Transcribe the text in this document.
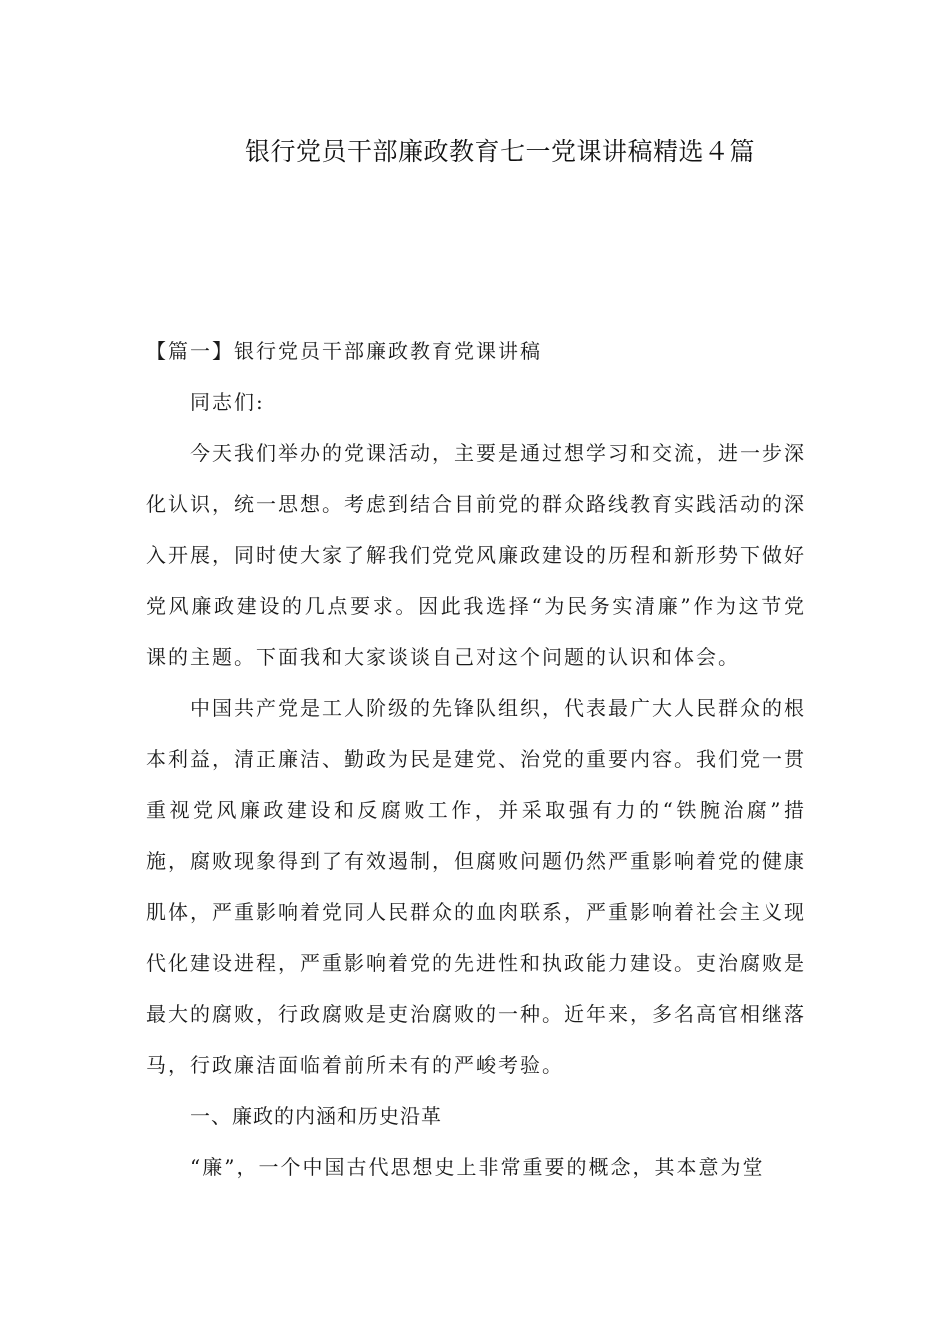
银行党员干部廉政教育七一党课讲稿精选４篇

【篇一】银行党员干部廉政教育党课讲稿

同志们:

今天我们举办的党课活动，主要是通过想学习和交流，进一步深化认识，统一思想。考虑到结合目前党的群众路线教育实践活动的深入开展，同时使大家了解我们党党风廉政建设的历程和新形势下做好党风廉政建设的几点要求。因此我选择“为民务实清廉”作为这节党课的主题。下面我和大家谈谈自己对这个问题的认识和体会。

中国共产党是工人阶级的先锋队组织，代表最广大人民群众的根本利益，清正廉洁、勤政为民是建党、治党的重要内容。我们党一贯重视党风廉政建设和反腐败工作，并采取强有力的“铁腕治腐”措施，腐败现象得到了有效遏制，但腐败问题仍然严重影响着党的健康肌体，严重影响着党同人民群众的血肉联系，严重影响着社会主义现代化建设进程，严重影响着党的先进性和执政能力建设。吏治腐败是最大的腐败，行政腐败是吏治腐败的一种。近年来，多名高官相继落马，行政廉洁面临着前所未有的严峻考验。

一、廉政的内涵和历史沿革

“廉”，一个中国古代思想史上非常重要的概念，其本意为堂
